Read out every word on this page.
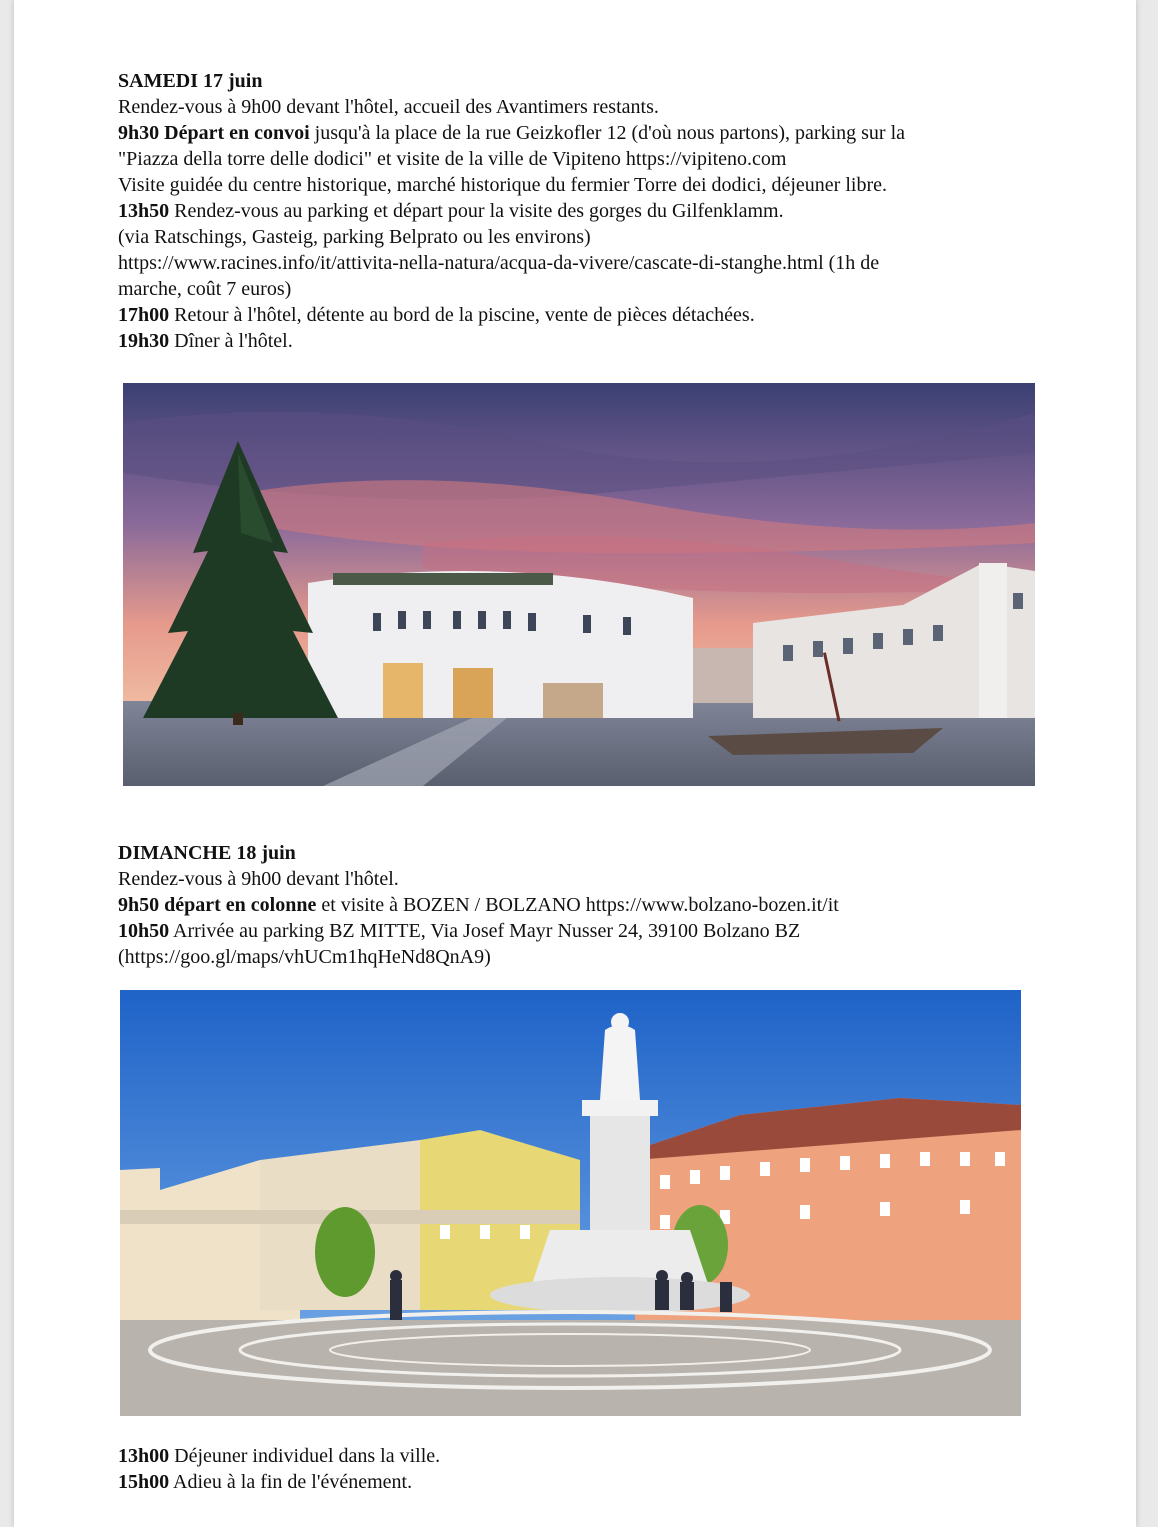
SAMEDI 17 juin
Rendez-vous à 9h00 devant l'hôtel, accueil des Avantimers restants.
9h30 Départ en convoi jusqu'à la place de la rue Geizkofler 12 (d'où nous partons), parking sur la
"Piazza della torre delle dodici" et visite de la ville de Vipiteno https://vipiteno.com
Visite guidée du centre historique, marché historique du fermier Torre dei dodici, déjeuner libre.
13h50 Rendez-vous au parking et départ pour la visite des gorges du Gilfenklamm.
(via Ratschings, Gasteig, parking Belprato ou les environs)
https://www.racines.info/it/attivita-nella-natura/acqua-da-vivere/cascate-di-stanghe.html (1h de
marche, coût 7 euros)
17h00 Retour à l'hôtel, détente au bord de la piscine, vente de pièces détachées.
19h30 Dîner à l'hôtel.
DIMANCHE 18 juin
Rendez-vous à 9h00 devant l'hôtel.
9h50 départ en colonne et visite à BOZEN / BOLZANO https://www.bolzano-bozen.it/it
10h50 Arrivée au parking BZ MITTE, Via Josef Mayr Nusser 24, 39100 Bolzano BZ
(https://goo.gl/maps/vhUCm1hqHeNd8QnA9)
13h00 Déjeuner individuel dans la ville.
15h00 Adieu à la fin de l'événement.
